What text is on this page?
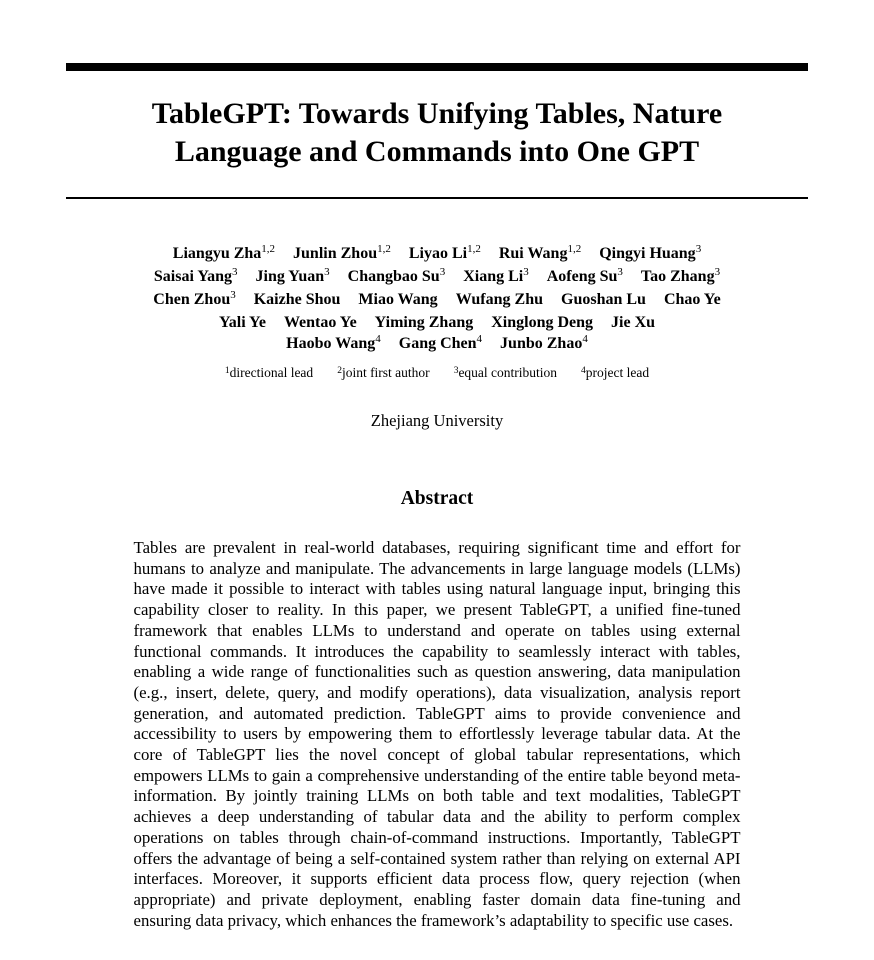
TableGPT: Towards Unifying Tables, Nature
Language and Commands into One GPT
Liangyu Zha$^{1,2}$ Junlin Zhou$^{1,2}$ Liyao Li$^{1,2}$ Rui Wang$^{1,2}$ Qingyi Huang$^3$
Saisai Yang$^3$ Jing Yuan$^3$ Changbao Su$^3$ Xiang Li$^3$ Aofeng Su$^3$ Tao Zhang$^3$
Chen Zhou$^3$ Kaizhe Shou Miao Wang Wufang Zhu Guoshan Lu Chao Ye
Yali Ye Wentao Ye Yiming Zhang Xinglong Deng Jie Xu
Haobo Wang$^4$ Gang Chen$^4$ Junbo Zhao$^4$
$^1$directional lead	$^2$joint first author	$^3$equal contribution	$^4$project lead
Zhejiang University
Abstract

Tables are prevalent in real-world databases, requiring significant time and effort for humans to analyze and manipulate. The advancements in large language models (LLMs) have made it possible to interact with tables using natural language input, bringing this capability closer to reality. In this paper, we present TableGPT, a unified fine-tuned framework that enables LLMs to understand and operate on tables using external functional commands. It introduces the capability to seamlessly interact with tables, enabling a wide range of functionalities such as question answering, data manipulation (e.g., insert, delete, query, and modify operations), data visualization, analysis report generation, and automated prediction. TableGPT aims to provide convenience and accessibility to users by empowering them to effortlessly leverage tabular data. At the core of TableGPT lies the novel concept of global tabular representations, which empowers LLMs to gain a comprehensive understanding of the entire table beyond meta-information. By jointly training LLMs on both table and text modalities, TableGPT achieves a deep understanding of tabular data and the ability to perform complex operations on tables through chain-of-command instructions. Importantly, TableGPT offers the advantage of being a self-contained system rather than relying on external API interfaces. Moreover, it supports efficient data process flow, query rejection (when appropriate) and private deployment, enabling faster domain data fine-tuning and ensuring data privacy, which enhances the framework’s adaptability to specific use cases.
